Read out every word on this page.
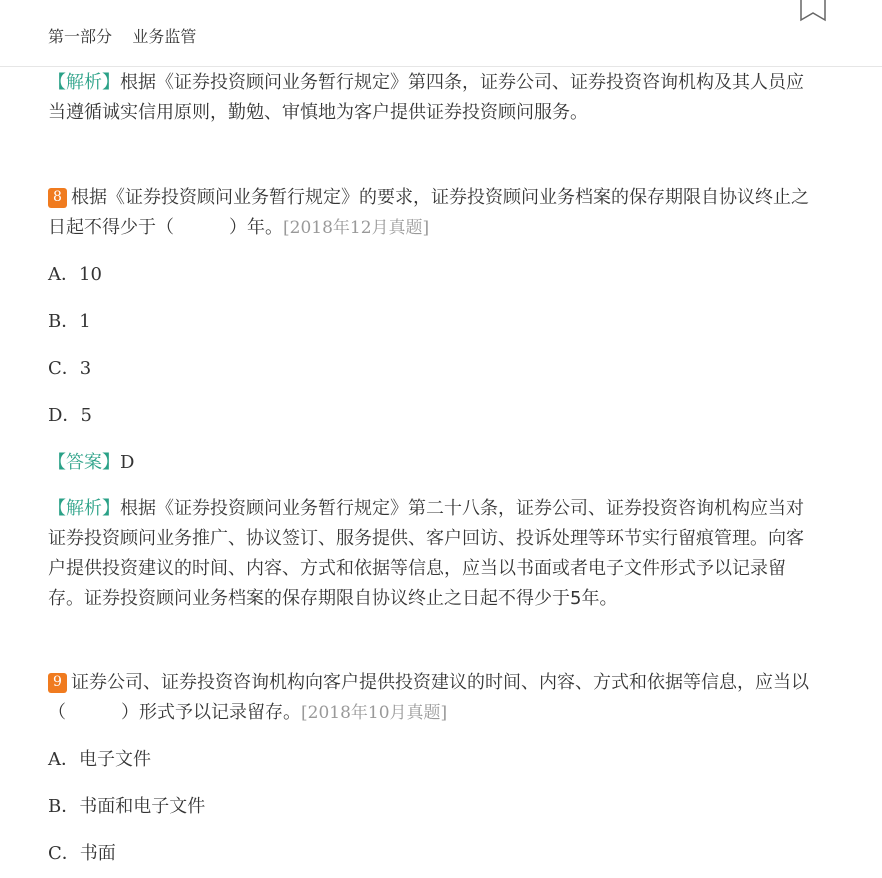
第一部分    业务监管

【解析】根据《证券投资顾问业务暂行规定》第四条，证券公司、证券投资咨询机构及其人员应当遵循诚实信用原则，勤勉、审慎地为客户提供证券投资顾问服务。

8 根据《证券投资顾问业务暂行规定》的要求，证券投资顾问业务档案的保存期限自协议终止之日起不得少于（	）年。[2018年12月真题]

A．10
B．1
C．3
D．5
【答案】D

【解析】根据《证券投资顾问业务暂行规定》第二十八条，证券公司、证券投资咨询机构应当对证券投资顾问业务推广、协议签订、服务提供、客户回访、投诉处理等环节实行留痕管理。向客户提供投资建议的时间、内容、方式和依据等信息，应当以书面或者电子文件形式予以记录留存。证券投资顾问业务档案的保存期限自协议终止之日起不得少于5年。

9 证券公司、证券投资咨询机构向客户提供投资建议的时间、内容、方式和依据等信息，应当以（	）形式予以记录留存。[2018年10月真题]

A．电子文件
B．书面和电子文件
C．书面
